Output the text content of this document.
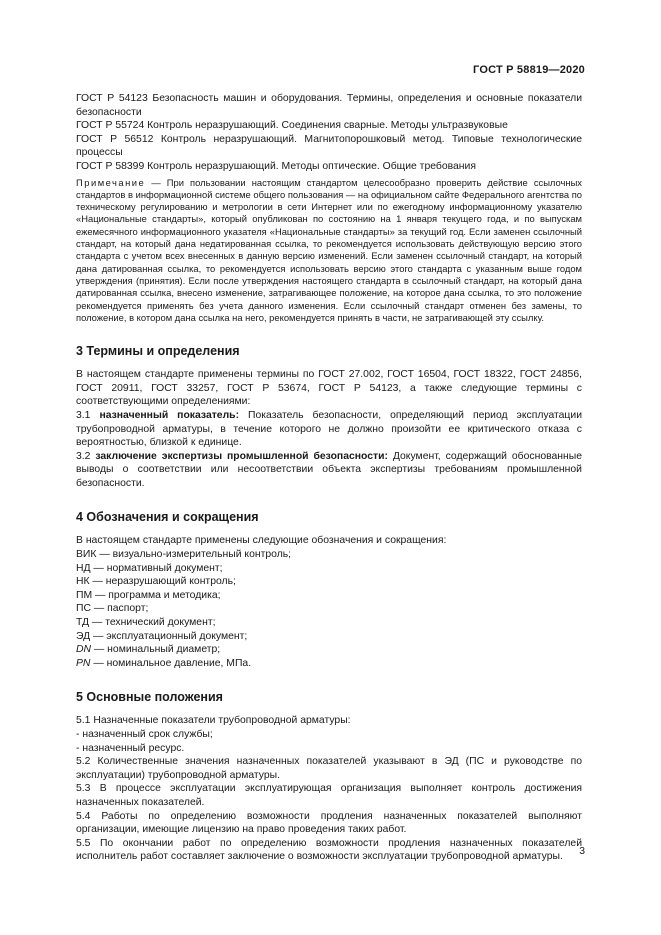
ГОСТ Р 58819—2020

ГОСТ Р 54123 Безопасность машин и оборудования. Термины, определения и основные показатели безопасности

ГОСТ Р 55724 Контроль неразрушающий. Соединения сварные. Методы ультразвуковые

ГОСТ Р 56512 Контроль неразрушающий. Магнитопорошковый метод. Типовые технологические процессы

ГОСТ Р 58399 Контроль неразрушающий. Методы оптические. Общие требования

Примечание — При пользовании настоящим стандартом целесообразно проверить действие ссылочных стандартов в информационной системе общего пользования — на официальном сайте Федерального агентства по техническому регулированию и метрологии в сети Интернет или по ежегодному информационному указателю «Национальные стандарты», который опубликован по состоянию на 1 января текущего года, и по выпускам ежемесячного информационного указателя «Национальные стандарты» за текущий год. Если заменен ссылочный стандарт, на который дана недатированная ссылка, то рекомендуется использовать действующую версию этого стандарта с учетом всех внесенных в данную версию изменений. Если заменен ссылочный стандарт, на который дана датированная ссылка, то рекомендуется использовать версию этого стандарта с указанным выше годом утверждения (принятия). Если после утверждения настоящего стандарта в ссылочный стандарт, на который дана датированная ссылка, внесено изменение, затрагивающее положение, на которое дана ссылка, то это положение рекомендуется применять без учета данного изменения. Если ссылочный стандарт отменен без замены, то положение, в котором дана ссылка на него, рекомендуется принять в части, не затрагивающей эту ссылку.

3 Термины и определения

В настоящем стандарте применены термины по ГОСТ 27.002, ГОСТ 16504, ГОСТ 18322, ГОСТ 24856, ГОСТ 20911, ГОСТ 33257, ГОСТ Р 53674, ГОСТ Р 54123, а также следующие термины с соответствующими определениями:

3.1 назначенный показатель: Показатель безопасности, определяющий период эксплуатации трубопроводной арматуры, в течение которого не должно произойти ее критического отказа с вероятностью, близкой к единице.

3.2 заключение экспертизы промышленной безопасности: Документ, содержащий обоснованные выводы о соответствии или несоответствии объекта экспертизы требованиям промышленной безопасности.

4 Обозначения и сокращения

В настоящем стандарте применены следующие обозначения и сокращения:

ВИК — визуально-измерительный контроль;

НД — нормативный документ;

НК — неразрушающий контроль;

ПМ — программа и методика;

ПС — паспорт;

ТД — технический документ;

ЭД — эксплуатационный документ;

DN — номинальный диаметр;

PN — номинальное давление, МПа.

5 Основные положения

5.1 Назначенные показатели трубопроводной арматуры:

- назначенный срок службы;

- назначенный ресурс.

5.2 Количественные значения назначенных показателей указывают в ЭД (ПС и руководстве по эксплуатации) трубопроводной арматуры.

5.3 В процессе эксплуатации эксплуатирующая организация выполняет контроль достижения назначенных показателей.

5.4 Работы по определению возможности продления назначенных показателей выполняют организации, имеющие лицензию на право проведения таких работ.

5.5 По окончании работ по определению возможности продления назначенных показателей исполнитель работ составляет заключение о возможности эксплуатации трубопроводной арматуры.	3
